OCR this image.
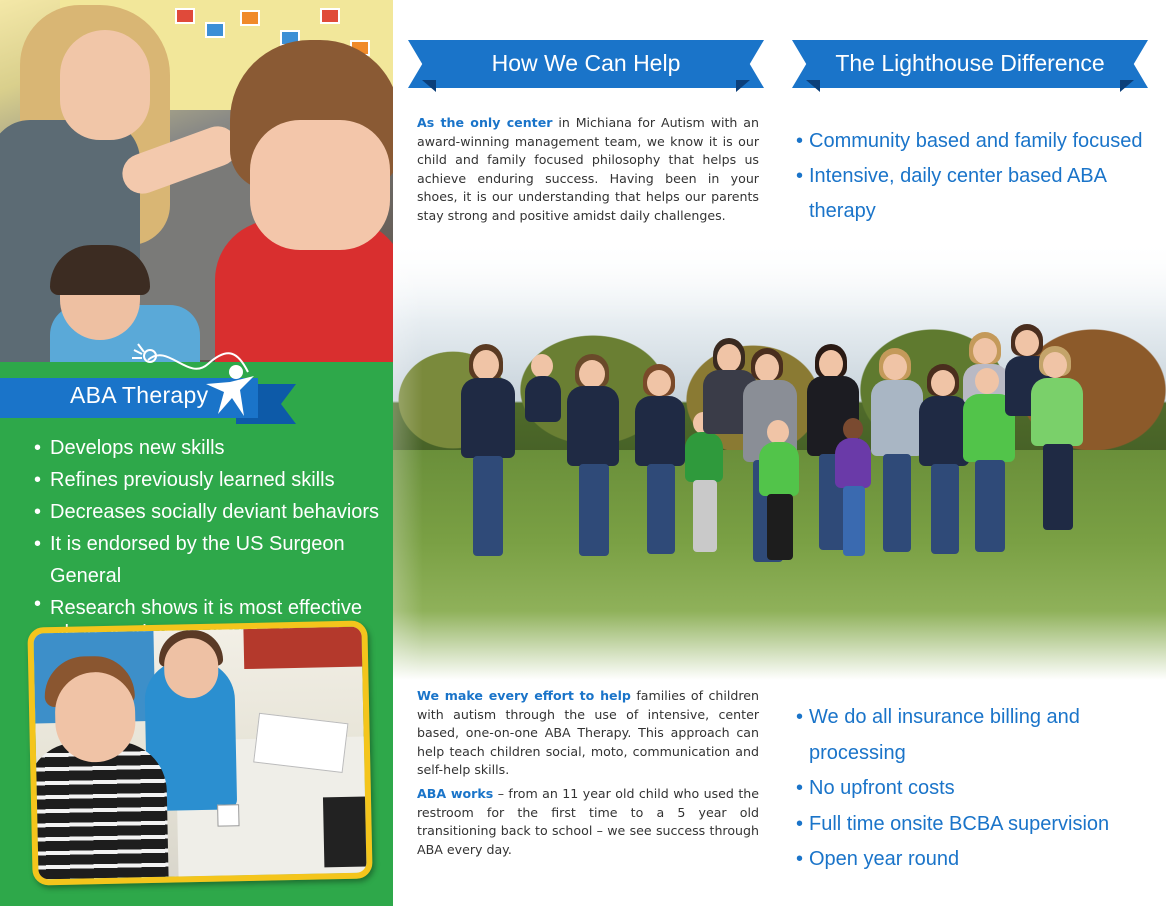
ABA Therapy
• Develops new skills
• Refines previously learned skills
• Decreases socially deviant behaviors
• It is endorsed by the US Surgeon General
• Research shows it is most effective
How We Can Help

As the only center in Michiana for Autism with an award-winning management team, we know it is our child and family focused philosophy that helps us achieve enduring success. Having been in your shoes, it is our understanding that helps our parents stay strong and positive amidst daily challenges.

The Lighthouse Difference
• Community based and family focused
• Intensive, daily center based ABA therapy

We make every effort to help families of children with autism through the use of intensive, center based, one-on-one ABA Therapy. This approach can help teach children social, moto, communication and self-help skills.

ABA works – from an 11 year old child who used the restroom for the first time to a 5 year old transitioning back to school – we see success through ABA every day.

• We do all insurance billing and processing
• No upfront costs
• Full time onsite BCBA supervision
• Open year round
